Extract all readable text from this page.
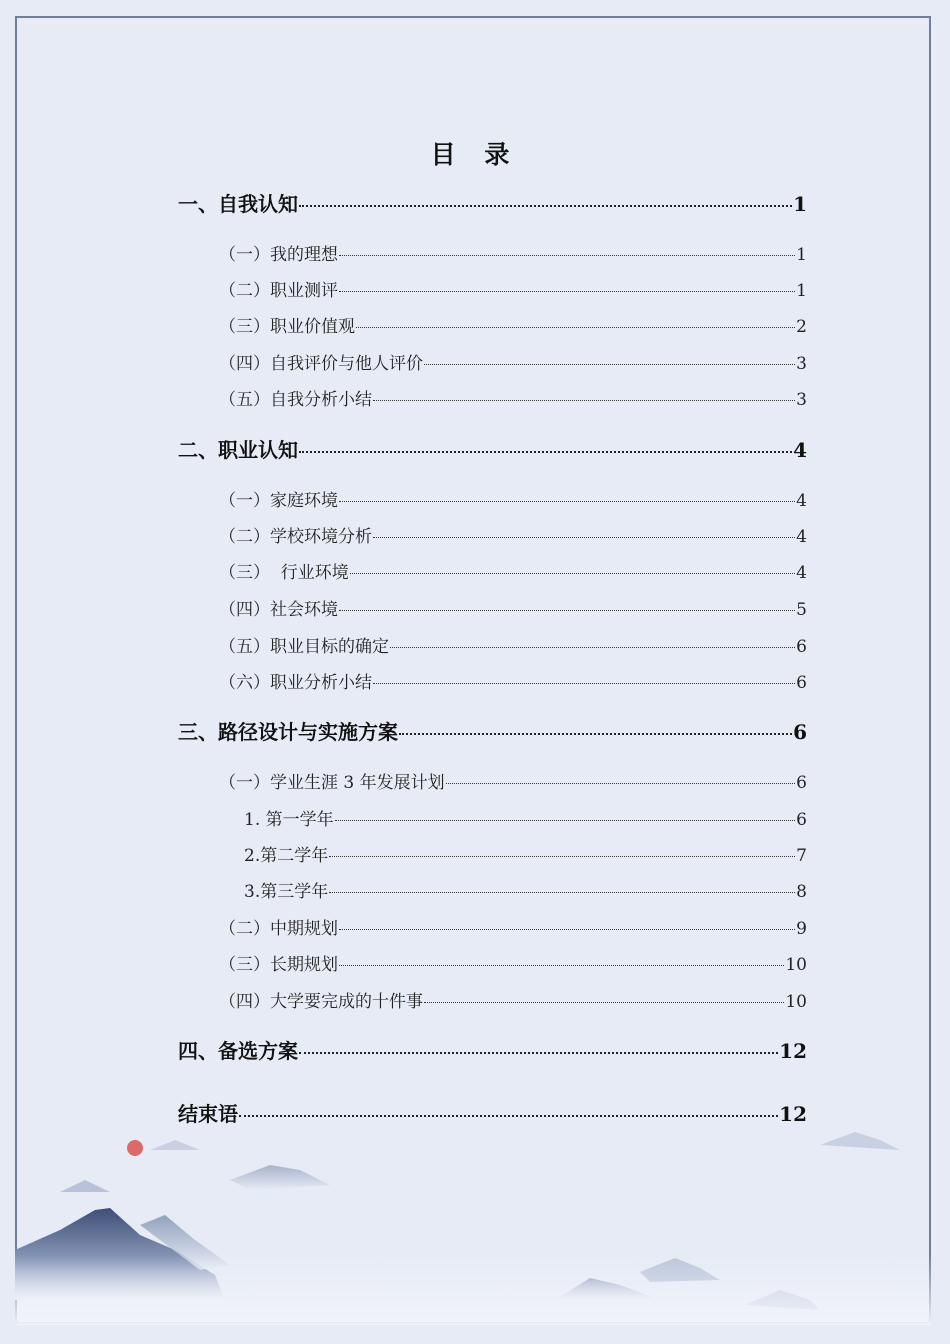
目 录
一、自我认知	1
（一）我的理想	1
（二）职业测评	1
（三）职业价值观	2
（四）自我评价与他人评价	3
（五）自我分析小结	3
二、职业认知	4
（一）家庭环境	4
（二）学校环境分析	4
（三）  行业环境	4
（四）社会环境	5
（五）职业目标的确定	6
（六）职业分析小结	6
三、路径设计与实施方案	6
（一）学业生涯 3 年发展计划	6
1. 第一学年	6
2.第二学年	7
3.第三学年	8
（二）中期规划	9
（三）长期规划	10
（四）大学要完成的十件事	10
四、备选方案	12
结束语	12
